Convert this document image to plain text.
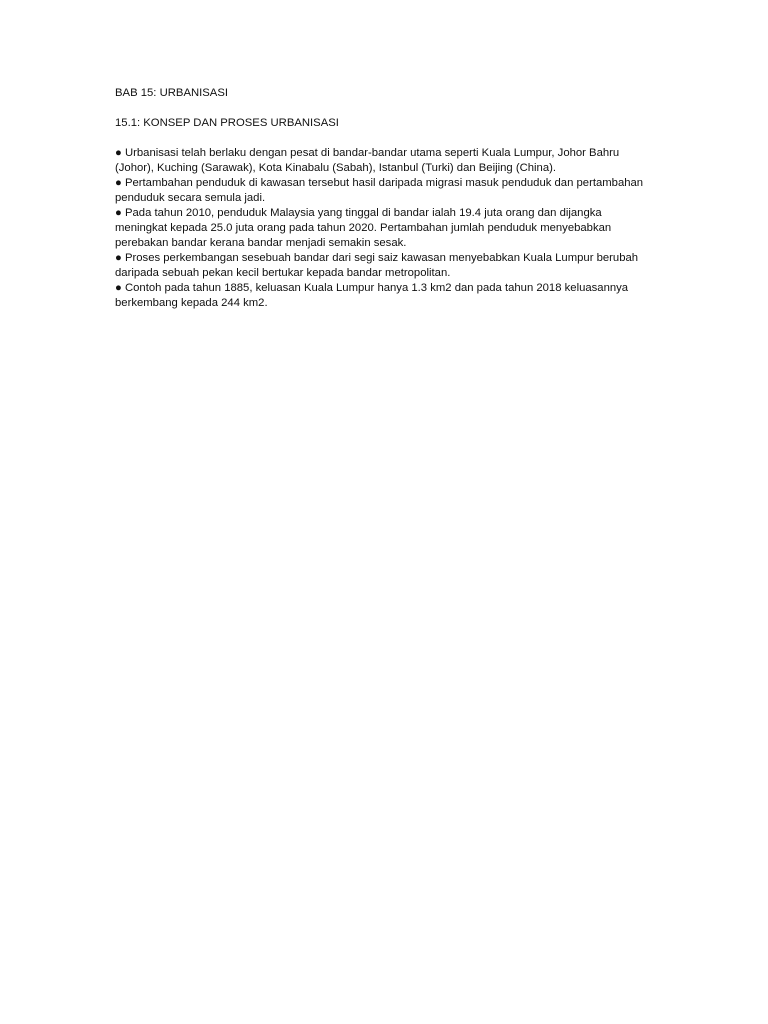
BAB 15: URBANISASI

15.1: KONSEP DAN PROSES URBANISASI

● Urbanisasi telah berlaku dengan pesat di bandar-bandar utama seperti Kuala Lumpur, Johor Bahru (Johor), Kuching (Sarawak), Kota Kinabalu (Sabah), Istanbul (Turki) dan Beijing (China).
● Pertambahan penduduk di kawasan tersebut hasil daripada migrasi masuk penduduk dan pertambahan penduduk secara semula jadi.
● Pada tahun 2010, penduduk Malaysia yang tinggal di bandar ialah 19.4 juta orang dan dijangka meningkat kepada 25.0 juta orang pada tahun 2020. Pertambahan jumlah penduduk menyebabkan perebakan bandar kerana bandar menjadi semakin sesak.
● Proses perkembangan sesebuah bandar dari segi saiz kawasan menyebabkan Kuala Lumpur berubah daripada sebuah pekan kecil bertukar kepada bandar metropolitan.
● Contoh pada tahun 1885, keluasan Kuala Lumpur hanya 1.3 km2 dan pada tahun 2018 keluasannya berkembang kepada 244 km2.
